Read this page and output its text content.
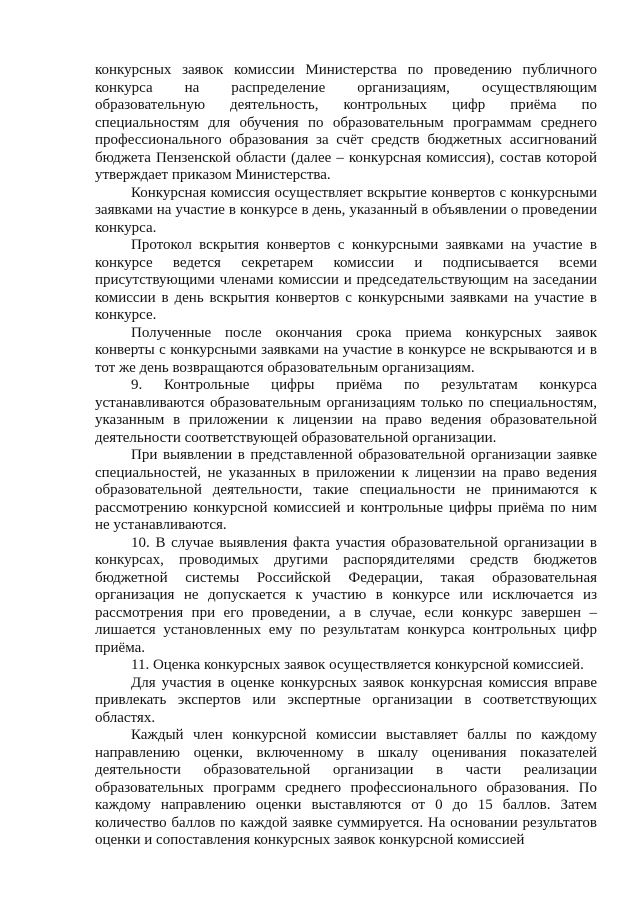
конкурсных заявок комиссии Министерства по проведению публичного конкурса на распределение организациям, осуществляющим образовательную деятельность, контрольных цифр приёма по специальностям для обучения по образовательным программам среднего профессионального образования за счёт средств бюджетных ассигнований бюджета Пензенской области (далее – конкурсная комиссия), состав которой утверждает приказом Министерства.

Конкурсная комиссия осуществляет вскрытие конвертов с конкурсными заявками на участие в конкурсе в день, указанный в объявлении о проведении конкурса.

Протокол вскрытия конвертов с конкурсными заявками на участие в конкурсе ведется секретарем комиссии и подписывается всеми присутствующими членами комиссии и председательствующим на заседании комиссии в день вскрытия конвертов с конкурсными заявками на участие в конкурсе.

Полученные после окончания срока приема конкурсных заявок конверты с конкурсными заявками на участие в конкурсе не вскрываются и в тот же день возвращаются образовательным организациям.

9. Контрольные цифры приёма по результатам конкурса устанавливаются образовательным организациям только по специальностям, указанным в приложении к лицензии на право ведения образовательной деятельности соответствующей образовательной организации.

При выявлении в представленной образовательной организации заявке специальностей, не указанных в приложении к лицензии на право ведения образовательной деятельности, такие специальности не принимаются к рассмотрению конкурсной комиссией и контрольные цифры приёма по ним не устанавливаются.

10. В случае выявления факта участия образовательной организации в конкурсах, проводимых другими распорядителями средств бюджетов бюджетной системы Российской Федерации, такая образовательная организация не допускается к участию в конкурсе или исключается из рассмотрения при его проведении, а в случае, если конкурс завершен – лишается установленных ему по результатам конкурса контрольных цифр приёма.

11. Оценка конкурсных заявок осуществляется конкурсной комиссией.

Для участия в оценке конкурсных заявок конкурсная комиссия вправе привлекать экспертов или экспертные организации в соответствующих областях.

Каждый член конкурсной комиссии выставляет баллы по каждому направлению оценки, включенному в шкалу оценивания показателей деятельности образовательной организации в части реализации образовательных программ среднего профессионального образования. По каждому направлению оценки выставляются от 0 до 15 баллов. Затем количество баллов по каждой заявке суммируется. На основании результатов оценки и сопоставления конкурсных заявок конкурсной комиссией
